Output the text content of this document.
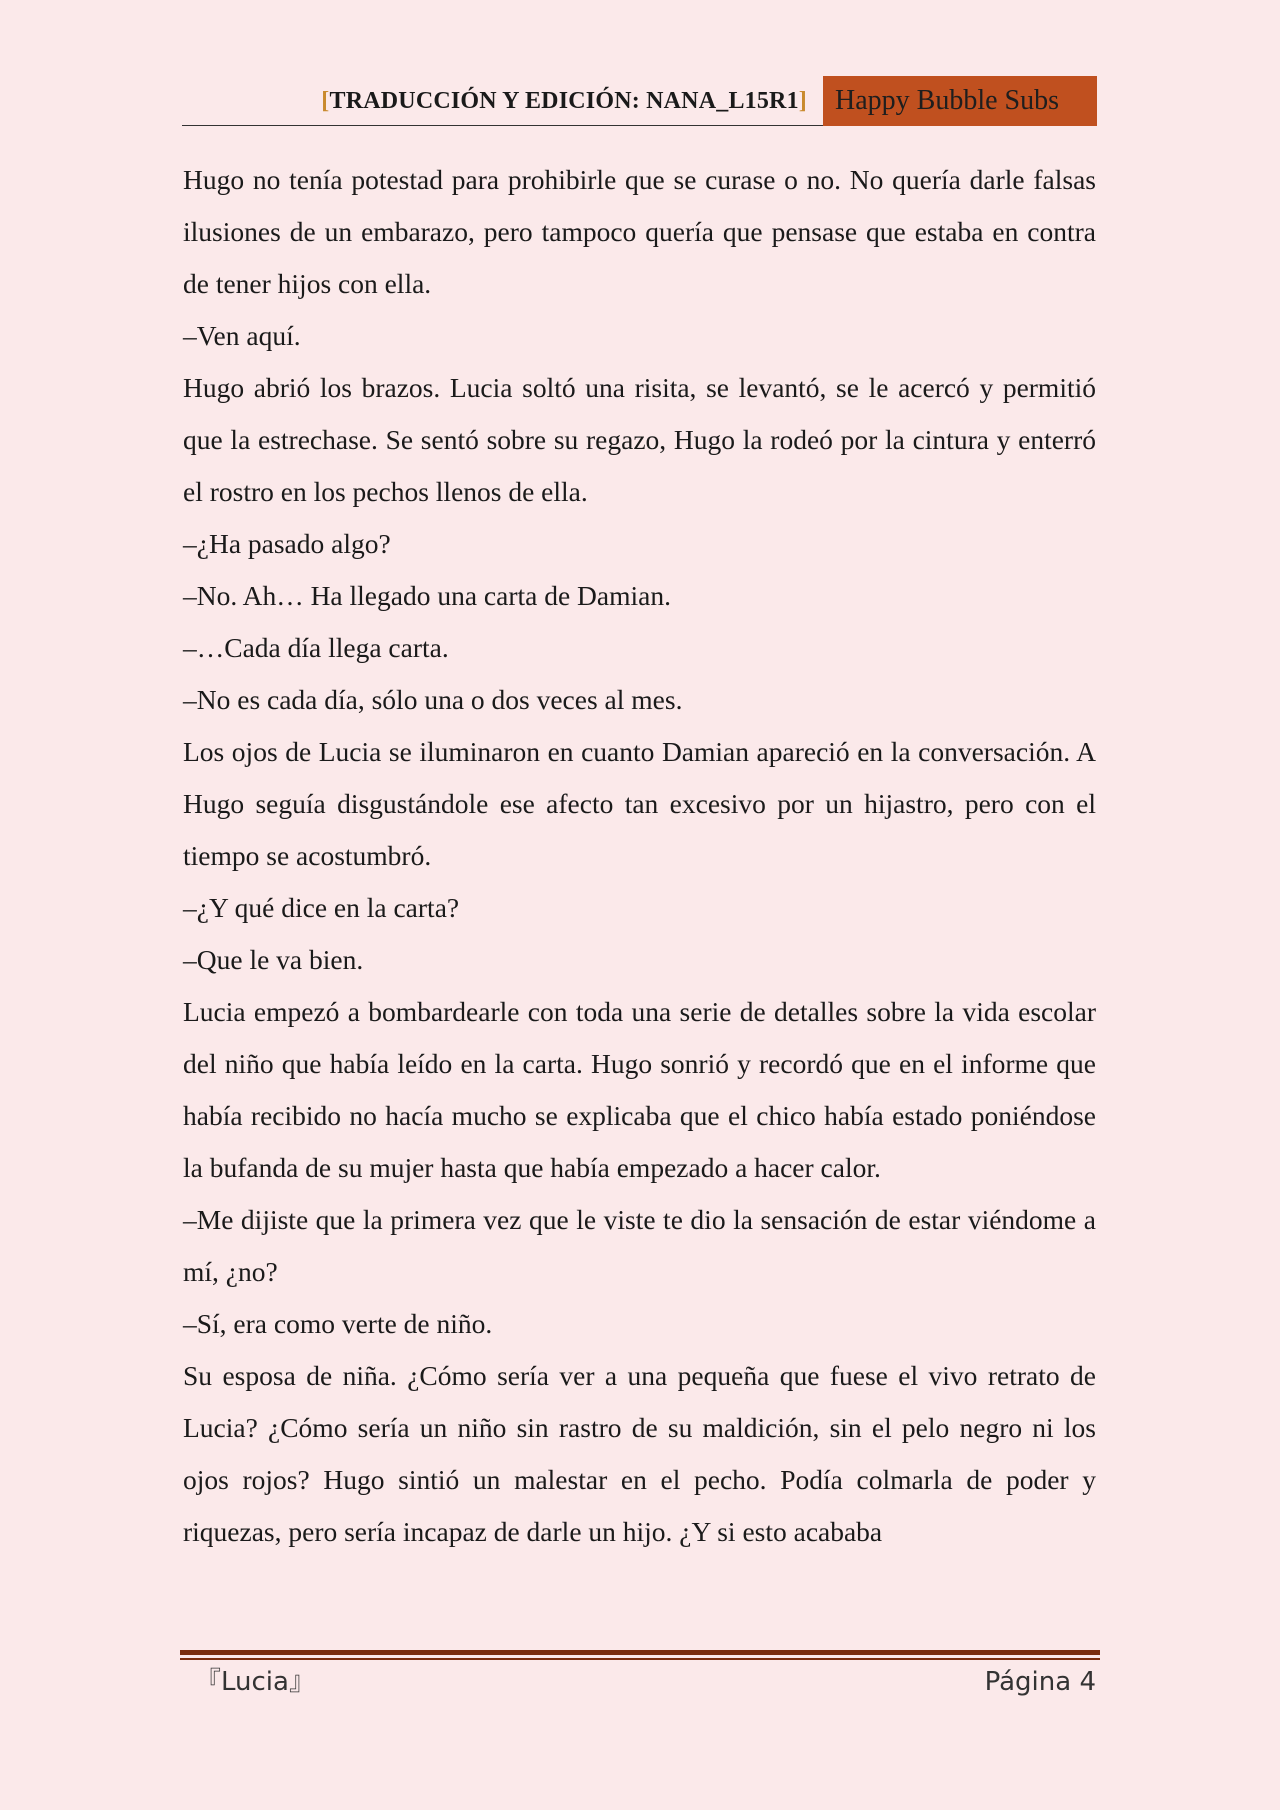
[TRADUCCIÓN Y EDICIÓN: NANA_L15R1]	Happy Bubble Subs

Hugo no tenía potestad para prohibirle que se curase o no. No quería darle falsas ilusiones de un embarazo, pero tampoco quería que pensase que estaba en contra de tener hijos con ella.

–Ven aquí.

Hugo abrió los brazos. Lucia soltó una risita, se levantó, se le acercó y permitió que la estrechase. Se sentó sobre su regazo, Hugo la rodeó por la cintura y enterró el rostro en los pechos llenos de ella.

–¿Ha pasado algo?

–No. Ah… Ha llegado una carta de Damian.

–…Cada día llega carta.

–No es cada día, sólo una o dos veces al mes.

Los ojos de Lucia se iluminaron en cuanto Damian apareció en la conversación. A Hugo seguía disgustándole ese afecto tan excesivo por un hijastro, pero con el tiempo se acostumbró.

–¿Y qué dice en la carta?

–Que le va bien.

Lucia empezó a bombardearle con toda una serie de detalles sobre la vida escolar del niño que había leído en la carta. Hugo sonrió y recordó que en el informe que había recibido no hacía mucho se explicaba que el chico había estado poniéndose la bufanda de su mujer hasta que había empezado a hacer calor.

–Me dijiste que la primera vez que le viste te dio la sensación de estar viéndome a mí, ¿no?

–Sí, era como verte de niño.

Su esposa de niña. ¿Cómo sería ver a una pequeña que fuese el vivo retrato de Lucia? ¿Cómo sería un niño sin rastro de su maldición, sin el pelo negro ni los ojos rojos? Hugo sintió un malestar en el pecho. Podía colmarla de poder y riquezas, pero sería incapaz de darle un hijo. ¿Y si esto acababa

『Lucia』	Página 4
